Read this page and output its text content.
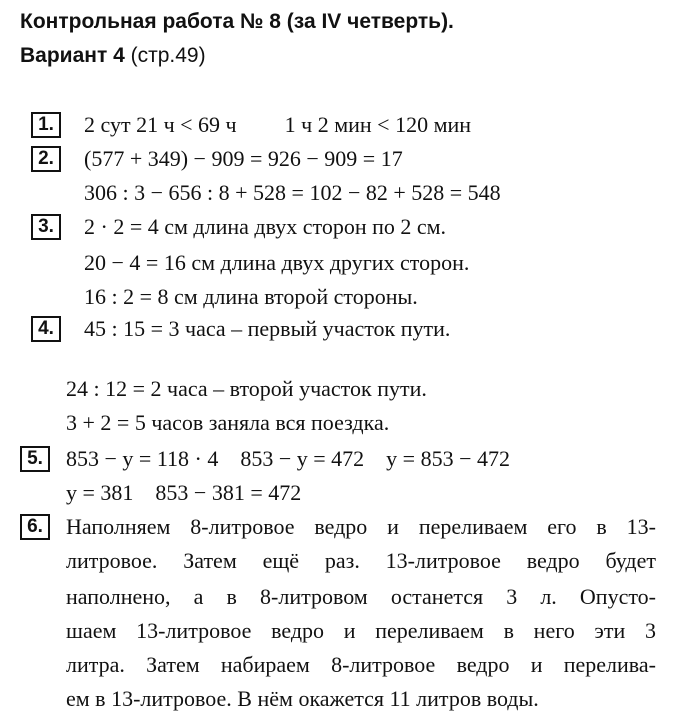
Контрольная работа № 8 (за IV четверть).
Вариант 4 (стр.49)
1.	2 сут 21 ч < 69 ч 1 ч 2 мин < 120 мин
2.	(577 + 349) − 909 = 926 − 909 = 17
306 : 3 − 656 : 8 + 528 = 102 − 82 + 528 = 548
3.	2 · 2 = 4 см длина двух сторон по 2 см.
20 − 4 = 16 см длина двух других сторон.
16 : 2 = 8 см длина второй стороны.
4.	45 : 15 = 3 часа – первый участок пути.
24 : 12 = 2 часа – второй участок пути.
3 + 2 = 5 часов заняла вся поездка.
5.	853 − y = 118 · 4 853 − y = 472 y = 853 − 472
y = 381 853 − 381 = 472
6.	Наполняем 8-литровое ведро и переливаем его в 13-
литровое. Затем ещё раз. 13-литровое ведро будет
наполнено, а в 8-литровом останется 3 л. Опусто-
шаем 13-литровое ведро и переливаем в него эти 3
литра. Затем набираем 8-литровое ведро и перелива-
ем в 13-литровое. В нём окажется 11 литров воды.
